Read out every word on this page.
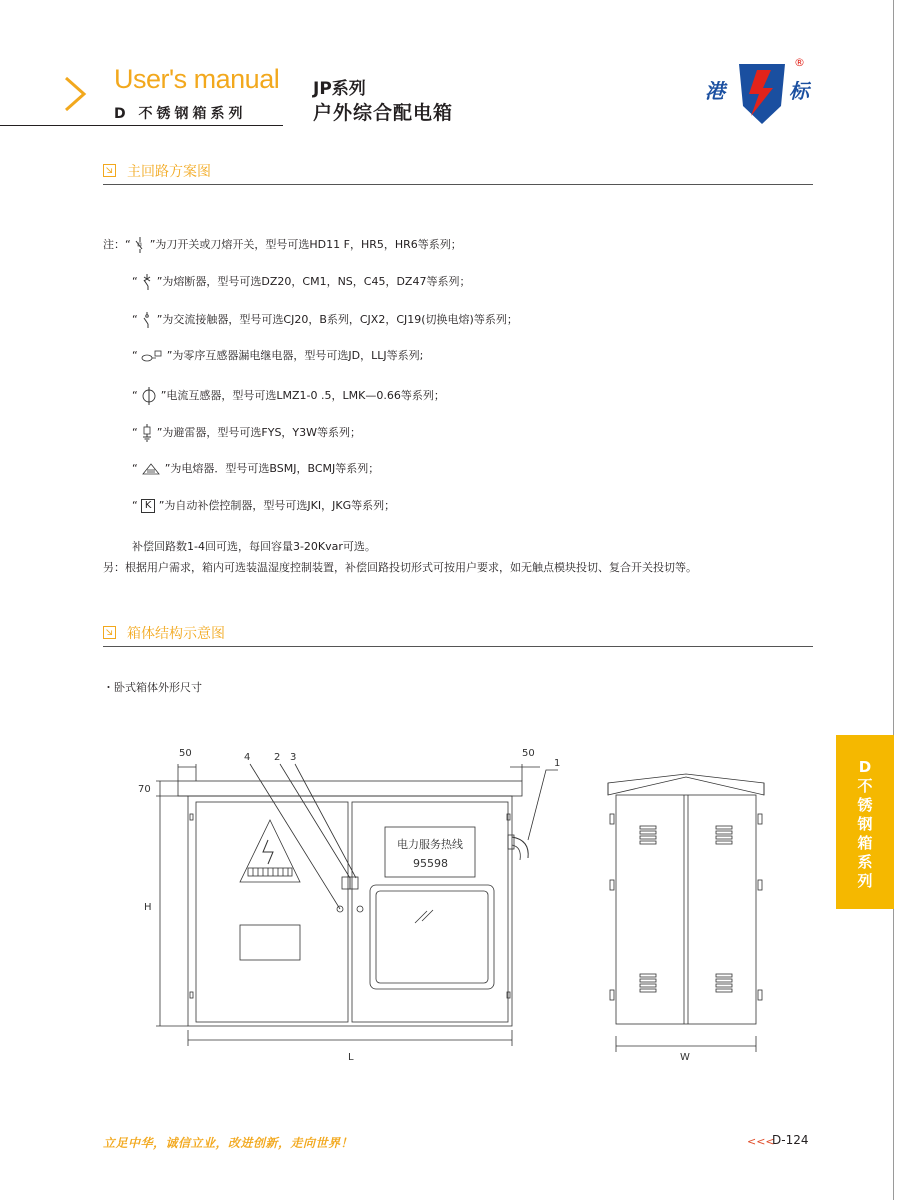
User's manual
D 不锈钢箱系列
JP系列
户外综合配电箱
港	标
®
主回路方案图
注：“  ”为刀开关或刀熔开关，型号可选HD11 F，HR5，HR6等系列；
“  ”为熔断器，型号可选DZ20，CM1，NS，C45，DZ47等系列；
“  ”为交流接触器，型号可选CJ20，B系列，CJX2，CJ19(切换电熔)等系列；
“  ”为零序互感器漏电继电器，型号可选JD，LLJ等系列;
“  ”电流互感器，型号可选LMZ1-0 .5，LMK—0.66等系列；
“  ”为避雷器，型号可选FYS，Y3W等系列；
“  ”为电熔器．型号可选BSMJ，BCMJ等系列；
“ K ”为自动补偿控制器，型号可选JKI，JKG等系列；
补偿回路数1-4回可选，每回容量3-20Kvar可选。
另：根据用户需求，箱内可选装温湿度控制装置，补偿回路投切形式可按用户要求，如无触点模块投切、复合开关投切等。
箱体结构示意图
・卧式箱体外形尺寸
50	50
70
H
L	W
4 2 3
1
电力服务热线
95598
D
不
锈
钢
箱
系
列
立足中华，诚信立业，改进创新，走向世界！	<<<
D-124
